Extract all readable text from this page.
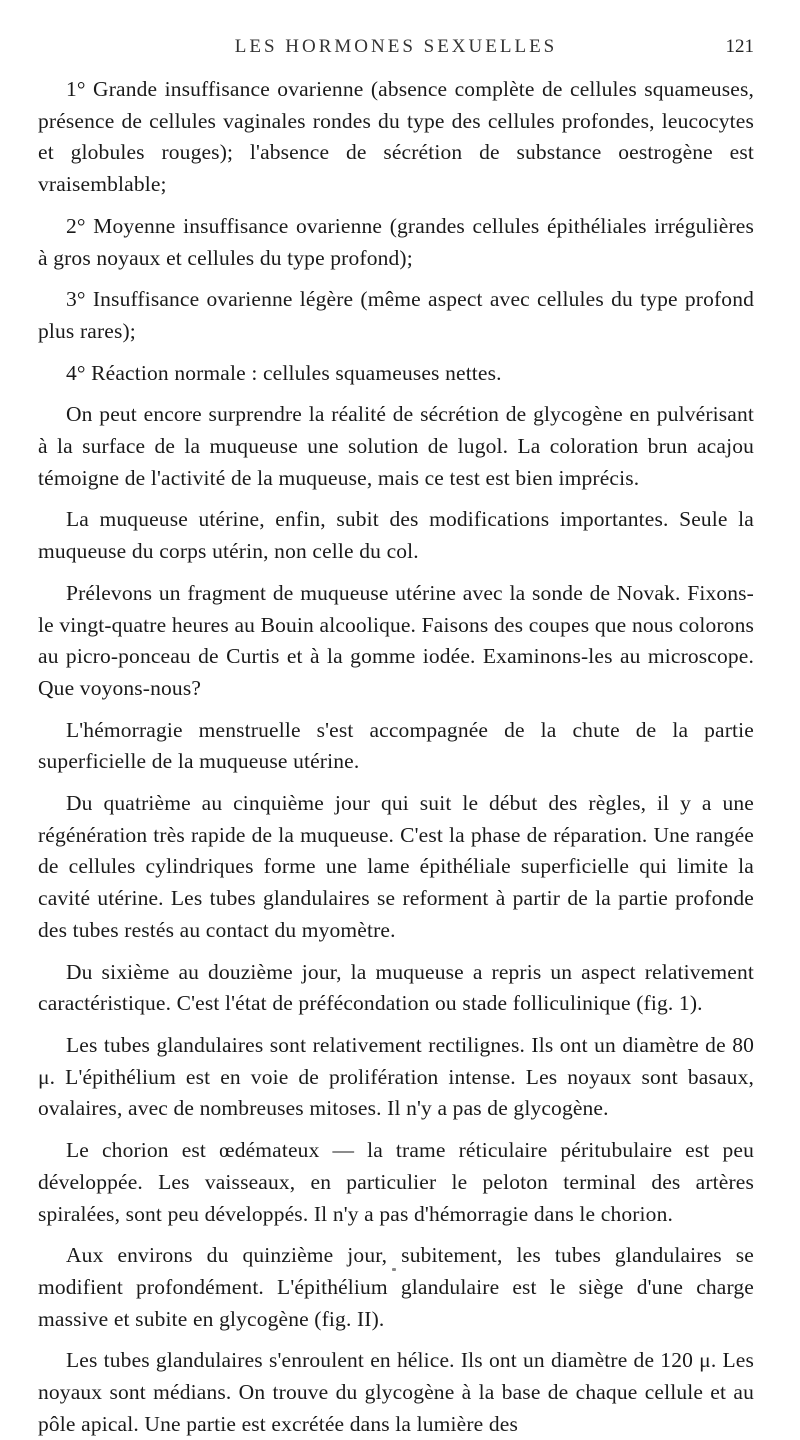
LES HORMONES SEXUELLES	121

1° Grande insuffisance ovarienne (absence complète de cellules squameuses, présence de cellules vaginales rondes du type des cellules profondes, leucocytes et globules rouges); l'absence de sécrétion de substance oestrogène est vraisemblable;

2° Moyenne insuffisance ovarienne (grandes cellules épithéliales irrégulières à gros noyaux et cellules du type profond);

3° Insuffisance ovarienne légère (même aspect avec cellules du type profond plus rares);

4° Réaction normale : cellules squameuses nettes.

On peut encore surprendre la réalité de sécrétion de glycogène en pulvérisant à la surface de la muqueuse une solution de lugol. La coloration brun acajou témoigne de l'activité de la muqueuse, mais ce test est bien imprécis.

La muqueuse utérine, enfin, subit des modifications importantes. Seule la muqueuse du corps utérin, non celle du col.

Prélevons un fragment de muqueuse utérine avec la sonde de Novak. Fixons-le vingt-quatre heures au Bouin alcoolique. Faisons des coupes que nous colorons au picro-ponceau de Curtis et à la gomme iodée. Examinons-les au microscope. Que voyons-nous?

L'hémorragie menstruelle s'est accompagnée de la chute de la partie superficielle de la muqueuse utérine.

Du quatrième au cinquième jour qui suit le début des règles, il y a une régénération très rapide de la muqueuse. C'est la phase de réparation. Une rangée de cellules cylindriques forme une lame épithéliale superficielle qui limite la cavité utérine. Les tubes glandulaires se reforment à partir de la partie profonde des tubes restés au contact du myomètre.

Du sixième au douzième jour, la muqueuse a repris un aspect relativement caractéristique. C'est l'état de préfécondation ou stade folliculinique (fig. 1).

Les tubes glandulaires sont relativement rectilignes. Ils ont un diamètre de 80 μ. L'épithélium est en voie de prolifération intense. Les noyaux sont basaux, ovalaires, avec de nombreuses mitoses. Il n'y a pas de glycogène.

Le chorion est œdémateux — la trame réticulaire péritubulaire est peu développée. Les vaisseaux, en particulier le peloton terminal des artères spiralées, sont peu développés. Il n'y a pas d'hémorragie dans le chorion.

Aux environs du quinzième jour, subitement, les tubes glandulaires se modifient profondément. L'épithélium glandulaire est le siège d'une charge massive et subite en glycogène (fig. II).

Les tubes glandulaires s'enroulent en hélice. Ils ont un diamètre de 120 μ. Les noyaux sont médians. On trouve du glycogène à la base de chaque cellule et au pôle apical. Une partie est excrétée dans la lumière des
